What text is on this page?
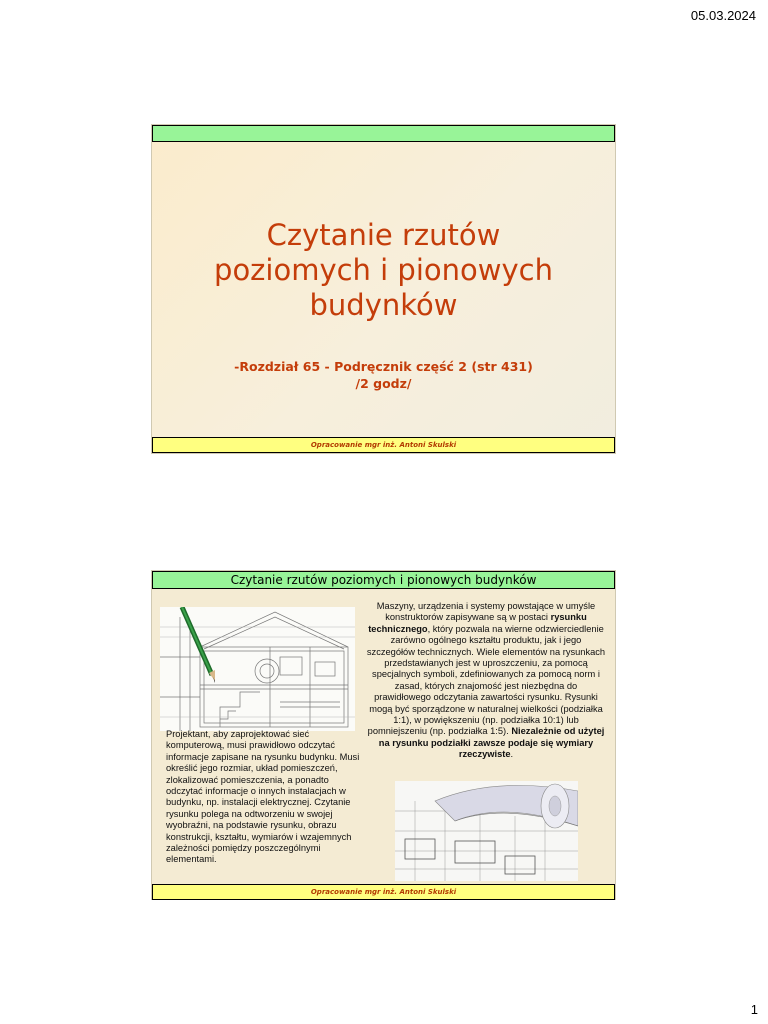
05.03.2024
Czytanie rzutów
poziomych i pionowych
budynków
-Rozdział 65 - Podręcznik część 2 (str 431)
/2 godz/
Opracowanie mgr inż. Antoni Skulski
Czytanie rzutów poziomych i pionowych budynków
Maszyny, urządzenia i systemy powstające w umyśle konstruktorów zapisywane są w postaci rysunku technicznego, który pozwala na wierne odzwierciedlenie zarówno ogólnego kształtu produktu, jak i jego szczegółów technicznych. Wiele elementów na rysunkach przedstawianych jest w uproszczeniu, za pomocą specjalnych symboli, zdefiniowanych za pomocą norm i zasad, których znajomość jest niezbędna do prawidłowego odczytania zawartości rysunku. Rysunki mogą być sporządzone w naturalnej wielkości (podziałka 1:1), w powiększeniu (np. podziałka 10:1) lub pomniejszeniu (np. podziałka 1:5). Niezależnie od użytej na rysunku podziałki zawsze podaje się wymiary rzeczywiste.
Projektant, aby zaprojektować sieć komputerową, musi prawidłowo odczytać informacje zapisane na rysunku budynku. Musi określić jego rozmiar, układ pomieszczeń, zlokalizować pomieszczenia, a ponadto odczytać informacje o innych instalacjach w budynku, np. instalacji elektrycznej. Czytanie rysunku polega na odtworzeniu w swojej wyobraźni, na podstawie rysunku, obrazu konstrukcji, kształtu, wymiarów i wzajemnych zależności pomiędzy poszczególnymi elementami.
Opracowanie mgr inż. Antoni Skulski
1
